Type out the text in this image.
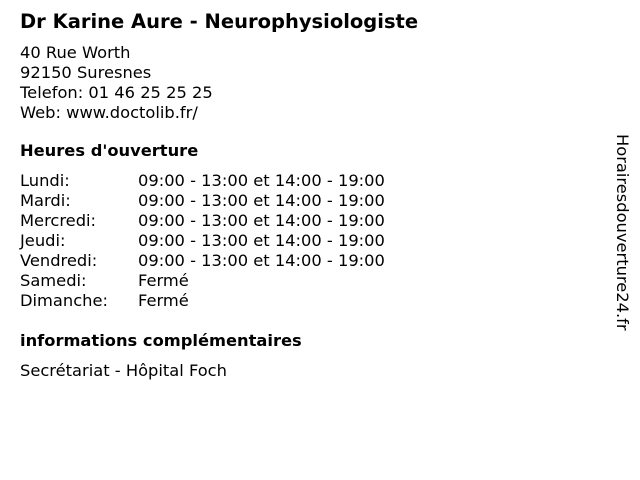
Dr Karine Aure - Neurophysiologiste
40 Rue Worth
92150 Suresnes
Telefon: 01 46 25 25 25
Web: www.doctolib.fr/
Heures d'ouverture
Lundi:	09:00 - 13:00 et 14:00 - 19:00
Mardi:	09:00 - 13:00 et 14:00 - 19:00
Mercredi:	09:00 - 13:00 et 14:00 - 19:00
Jeudi:	09:00 - 13:00 et 14:00 - 19:00
Vendredi:	09:00 - 13:00 et 14:00 - 19:00
Samedi:	Fermé
Dimanche:	Fermé
informations complémentaires
Secrétariat - Hôpital Foch
Horairesdouverture24.fr
